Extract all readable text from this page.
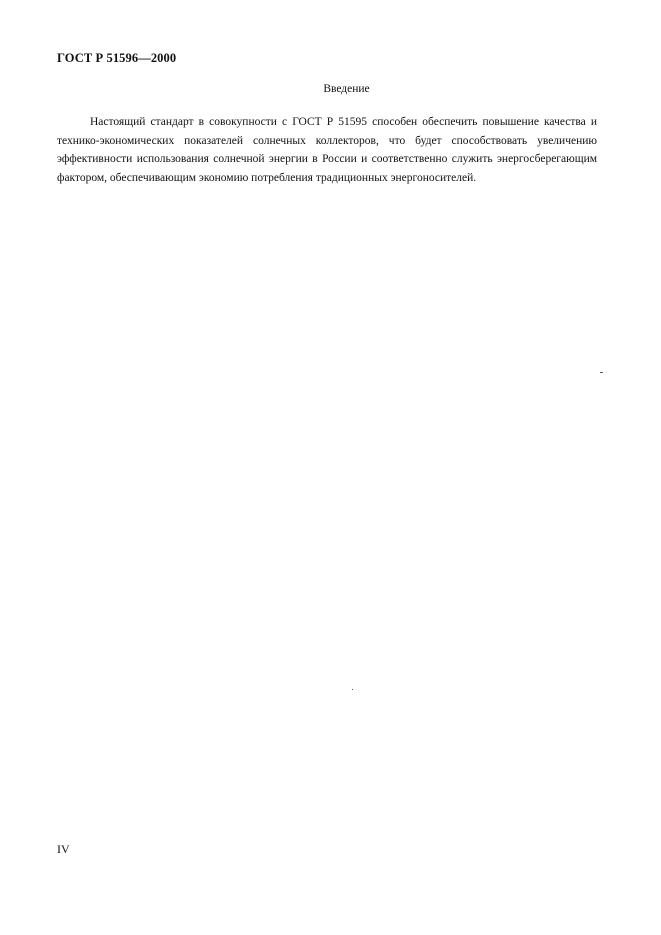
ГОСТ Р 51596—2000
Введение

Настоящий стандарт в совокупности с ГОСТ Р 51595 способен обеспечить повышение качества и технико-экономических показателей солнечных коллекторов, что будет способствовать увеличению эффективности использования солнечной энергии в России и соответственно служить энергосберегающим фактором, обеспечивающим экономию потребления традиционных энергоносителей.

IV
